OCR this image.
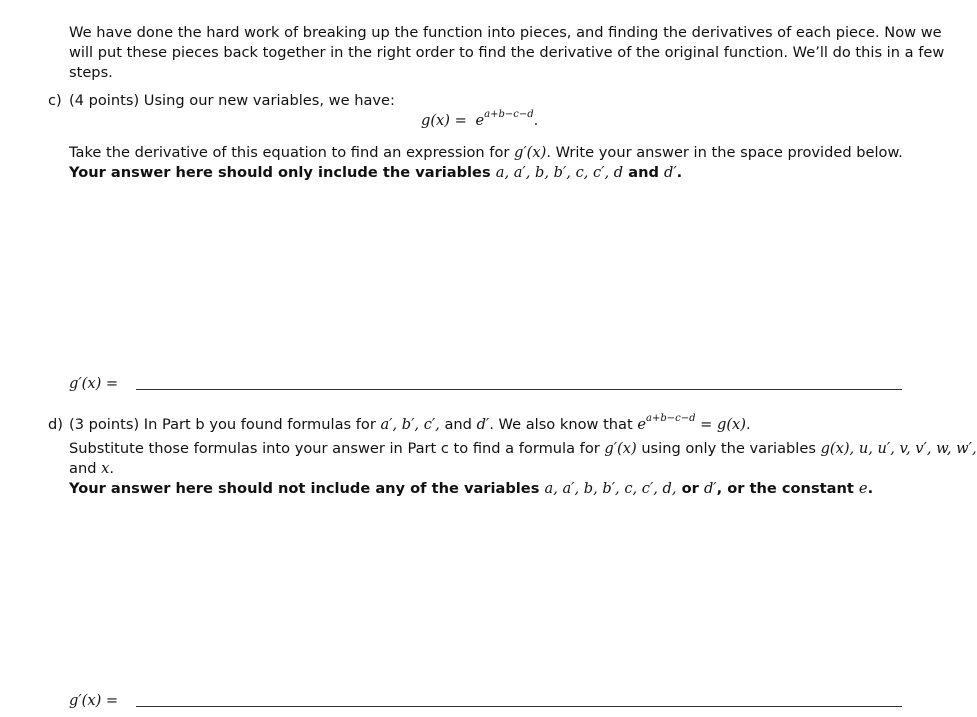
We have done the hard work of breaking up the function into pieces, and finding the derivatives of each piece. Now we
will put these pieces back together in the right order to find the derivative of the original function. We’ll do this in a few
steps.
c) (4 points) Using our new variables, we have:
$g(x) = e^{a+b-c-d}$.
Take the derivative of this equation to find an expression for g′(x). Write your answer in the space provided below.
Your answer here should only include the variables a, a′, b, b′, c, c′, d and d′.
g′(x) =
d) (3 points) In Part b you found formulas for a′, b′, c′, and d′. We also know that $e^{a+b-c-d} = g(x)$.
Substitute those formulas into your answer in Part c to find a formula for g′(x) using only the variables g(x), u, u′, v, v′, w, w′,
and x.
Your answer here should not include any of the variables a, a′, b, b′, c, c′, d, or d′, or the constant e.
g′(x) =
